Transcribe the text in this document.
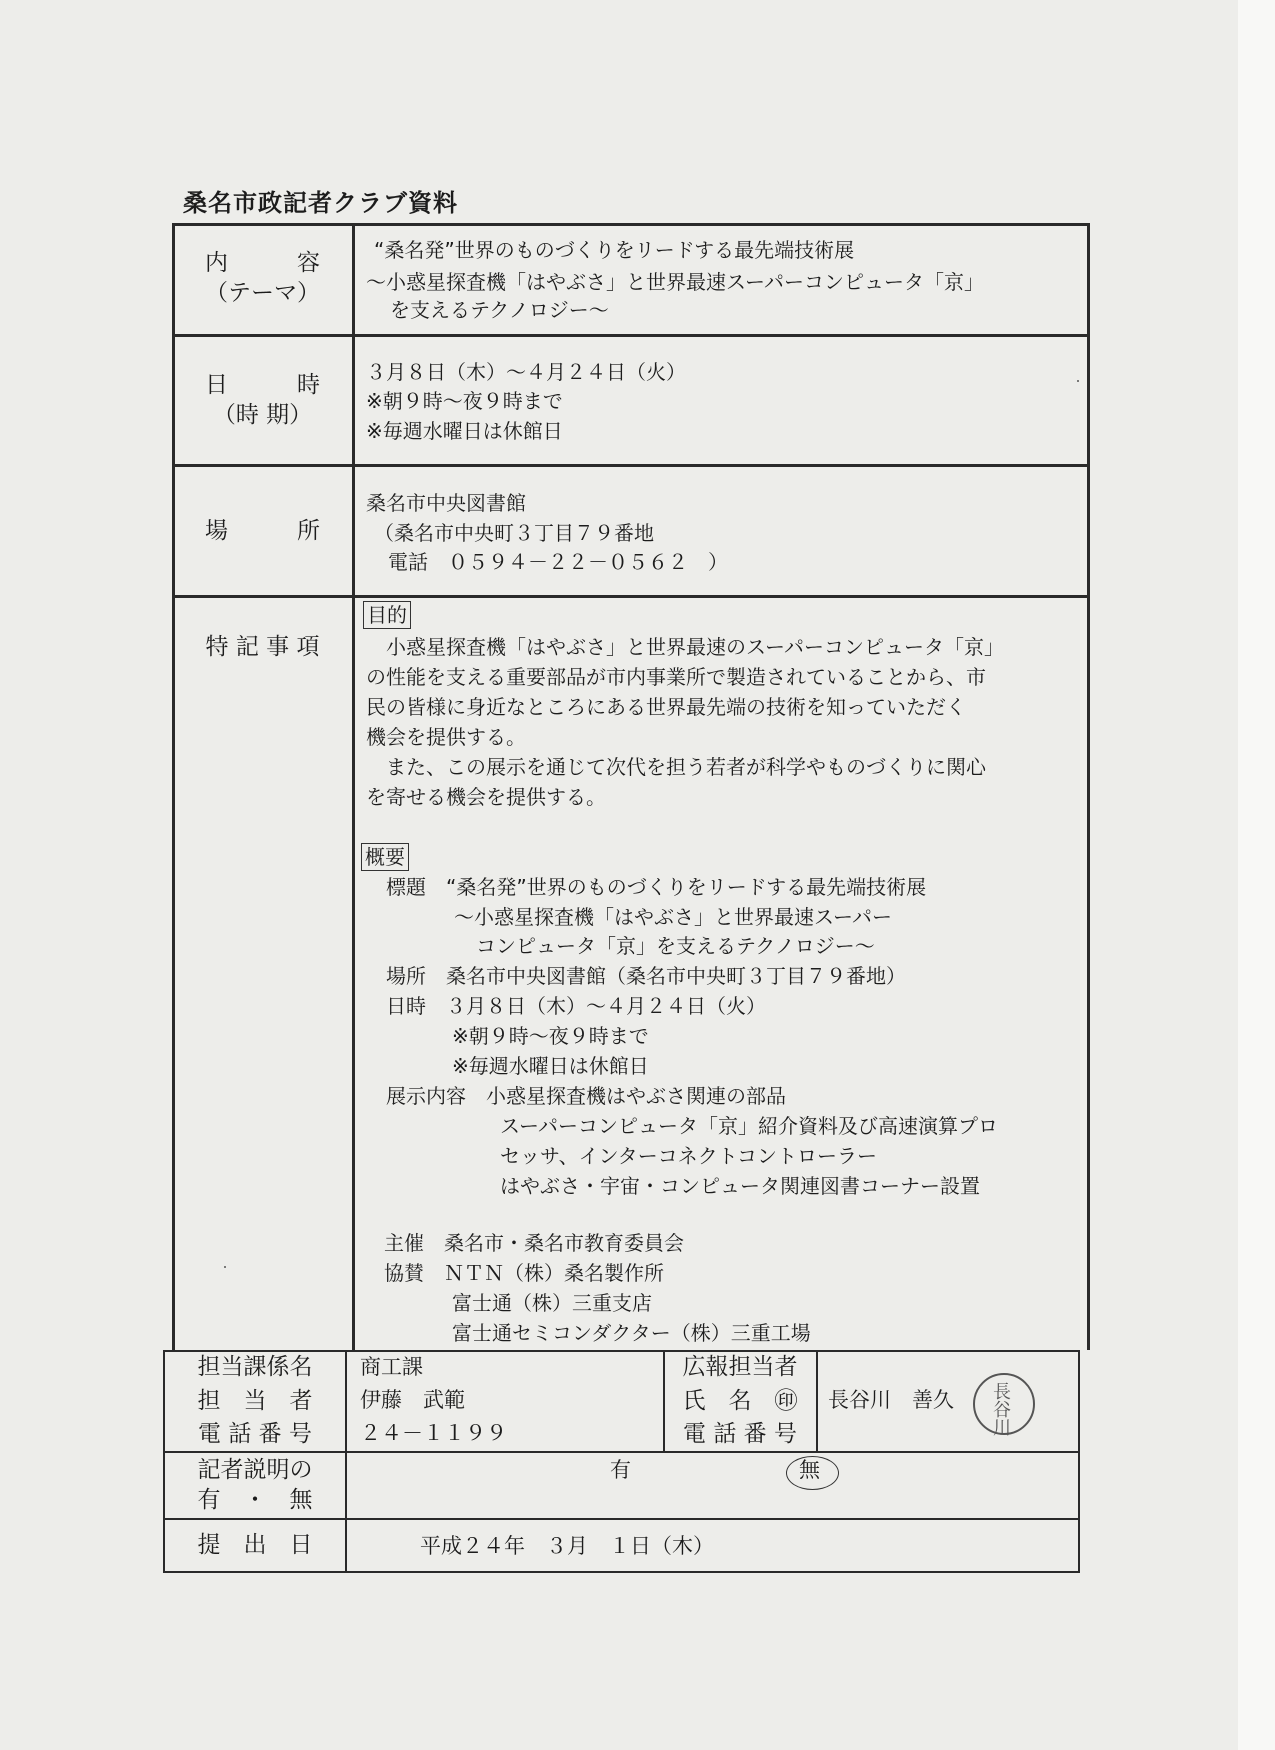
桑名市政記者クラブ資料
内　　　容
（テーマ）
“桑名発”世界のものづくりをリードする最先端技術展
～小惑星探査機「はやぶさ」と世界最速スーパーコンピュータ「京」
を支えるテクノロジー～
日　　　時
（時 期）
３月８日（木）～４月２４日（火）
※朝９時～夜９時まで
※毎週水曜日は休館日
場　　　所
桑名市中央図書館
（桑名市中央町３丁目７９番地
電話　０５９４－２２－０５６２　）
特 記 事 項
目的
　小惑星探査機「はやぶさ」と世界最速のスーパーコンピュータ「京」
の性能を支える重要部品が市内事業所で製造されていることから、市
民の皆様に身近なところにある世界最先端の技術を知っていただく
機会を提供する。
　また、この展示を通じて次代を担う若者が科学やものづくりに関心
を寄せる機会を提供する。
概要
標題　“桑名発”世界のものづくりをリードする最先端技術展
～小惑星探査機「はやぶさ」と世界最速スーパー
コンピュータ「京」を支えるテクノロジー～
場所　桑名市中央図書館（桑名市中央町３丁目７９番地）
日時　３月８日（木）～４月２４日（火）
※朝９時～夜９時まで
※毎週水曜日は休館日
展示内容　小惑星探査機はやぶさ関連の部品
スーパーコンピュータ「京」紹介資料及び高速演算プロ
セッサ、インターコネクトコントローラー
はやぶさ・宇宙・コンピュータ関連図書コーナー設置
主催　桑名市・桑名市教育委員会
協賛　ＮＴＮ（株）桑名製作所
富士通（株）三重支店
富士通セミコンダクター（株）三重工場
担当課係名
担　当　者
電 話 番 号
商工課
伊藤　武範
２４－１１９９
広報担当者
氏　名　㊞
電 話 番 号
長谷川　善久 長谷川
記者説明の
有　・　無
有	無
提　出　日	平成２４年　３月　１日（木）
